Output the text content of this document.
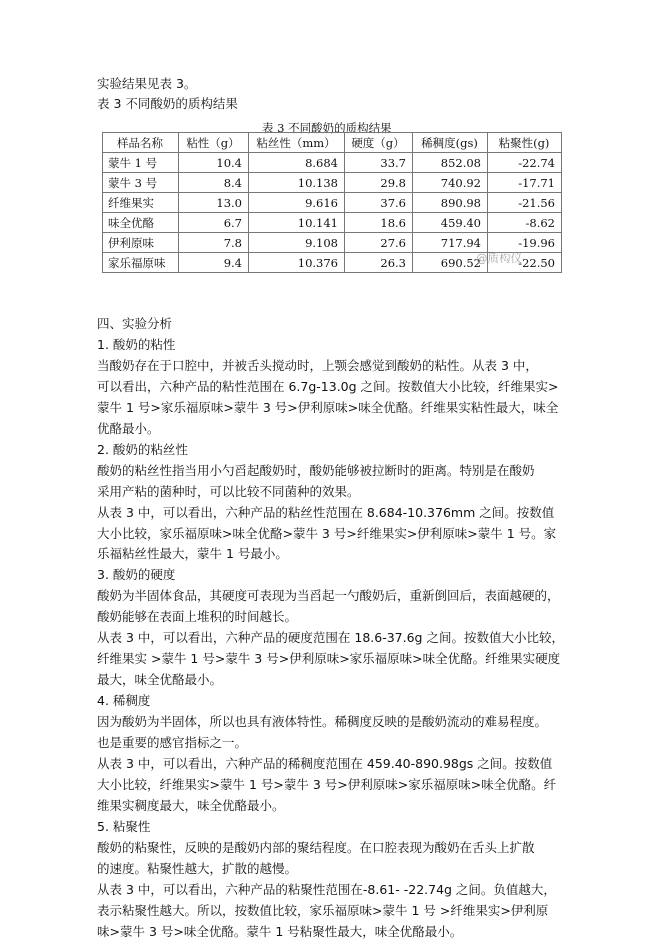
实验结果见表 3。
表 3 不同酸奶的质构结果
表 3 不同酸奶的质构结果
样品名称	粘性（g）	粘丝性（mm）	硬度（g）	稀稠度(gs)	粘聚性(g)
蒙牛 1 号	10.4	8.684	33.7	852.08	-22.74
蒙牛 3 号	8.4	10.138	29.8	740.92	-17.71
纤维果实	13.0	9.616	37.6	890.98	-21.56
味全优酪	6.7	10.141	18.6	459.40	-8.62
伊利原味	7.8	9.108	27.6	717.94	-19.96
家乐福原味	9.4	10.376	26.3	690.52	-22.50
@质构仪
四、实验分析
1. 酸奶的粘性
当酸奶存在于口腔中，并被舌头搅动时，上颚会感觉到酸奶的粘性。从表 3 中，
可以看出，六种产品的粘性范围在 6.7g-13.0g 之间。按数值大小比较，纤维果实>
蒙牛 1 号>家乐福原味>蒙牛 3 号>伊利原味>味全优酪。纤维果实粘性最大，味全
优酪最小。
2. 酸奶的粘丝性
酸奶的粘丝性指当用小勺舀起酸奶时，酸奶能够被拉断时的距离。特别是在酸奶
采用产粘的菌种时，可以比较不同菌种的效果。
从表 3 中，可以看出，六种产品的粘丝性范围在 8.684-10.376mm 之间。按数值
大小比较，家乐福原味>味全优酪>蒙牛 3 号>纤维果实>伊利原味>蒙牛 1 号。家
乐福粘丝性最大，蒙牛 1 号最小。
3. 酸奶的硬度
酸奶为半固体食品，其硬度可表现为当舀起一勺酸奶后，重新倒回后，表面越硬的，
酸奶能够在表面上堆积的时间越长。
从表 3 中，可以看出，六种产品的硬度范围在 18.6-37.6g 之间。按数值大小比较，
纤维果实 >蒙牛 1 号>蒙牛 3 号>伊利原味>家乐福原味>味全优酪。纤维果实硬度
最大，味全优酪最小。
4. 稀稠度
因为酸奶为半固体，所以也具有液体特性。稀稠度反映的是酸奶流动的难易程度。
也是重要的感官指标之一。
从表 3 中，可以看出，六种产品的稀稠度范围在 459.40-890.98gs 之间。按数值
大小比较，纤维果实>蒙牛 1 号>蒙牛 3 号>伊利原味>家乐福原味>味全优酪。纤
维果实稠度最大，味全优酪最小。
5. 粘聚性
酸奶的粘聚性，反映的是酸奶内部的聚结程度。在口腔表现为酸奶在舌头上扩散
的速度。粘聚性越大，扩散的越慢。
从表 3 中，可以看出，六种产品的粘聚性范围在-8.61- -22.74g 之间。负值越大，
表示粘聚性越大。所以，按数值比较，家乐福原味>蒙牛 1 号 >纤维果实>伊利原
味>蒙牛 3 号>味全优酪。蒙牛 1 号粘聚性最大，味全优酪最小。
